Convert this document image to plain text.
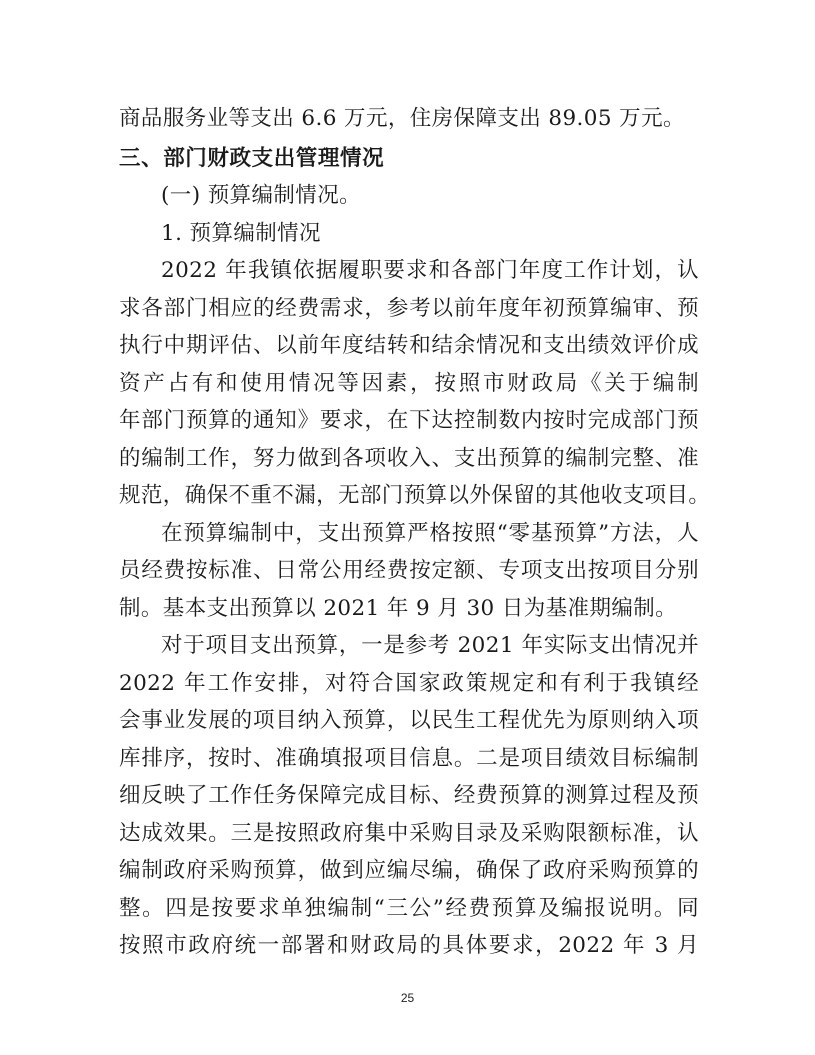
商品服务业等支出 6.6 万元，住房保障支出 89.05 万元。
三、部门财政支出管理情况
(一) 预算编制情况。
1. 预算编制情况
2022 年我镇依据履职要求和各部门年度工作计划，认
求各部门相应的经费需求，参考以前年度年初预算编审、预
执行中期评估、以前年度结转和结余情况和支出绩效评价成
资产占有和使用情况等因素，按照市财政局《关于编制
年部门预算的通知》要求，在下达控制数内按时完成部门预
的编制工作，努力做到各项收入、支出预算的编制完整、准
规范，确保不重不漏，无部门预算以外保留的其他收支项目。
在预算编制中，支出预算严格按照“零基预算”方法，人
员经费按标准、日常公用经费按定额、专项支出按项目分别
制。基本支出预算以 2021 年 9 月 30 日为基准期编制。
对于项目支出预算，一是参考 2021 年实际支出情况并
2022 年工作安排，对符合国家政策规定和有利于我镇经
会事业发展的项目纳入预算，以民生工程优先为原则纳入项
库排序，按时、准确填报项目信息。二是项目绩效目标编制
细反映了工作任务保障完成目标、经费预算的测算过程及预
达成效果。三是按照政府集中采购目录及采购限额标准，认
编制政府采购预算，做到应编尽编，确保了政府采购预算的
整。四是按要求单独编制“三公”经费预算及编报说明。同
按照市政府统一部署和财政局的具体要求，2022 年 3 月
25
